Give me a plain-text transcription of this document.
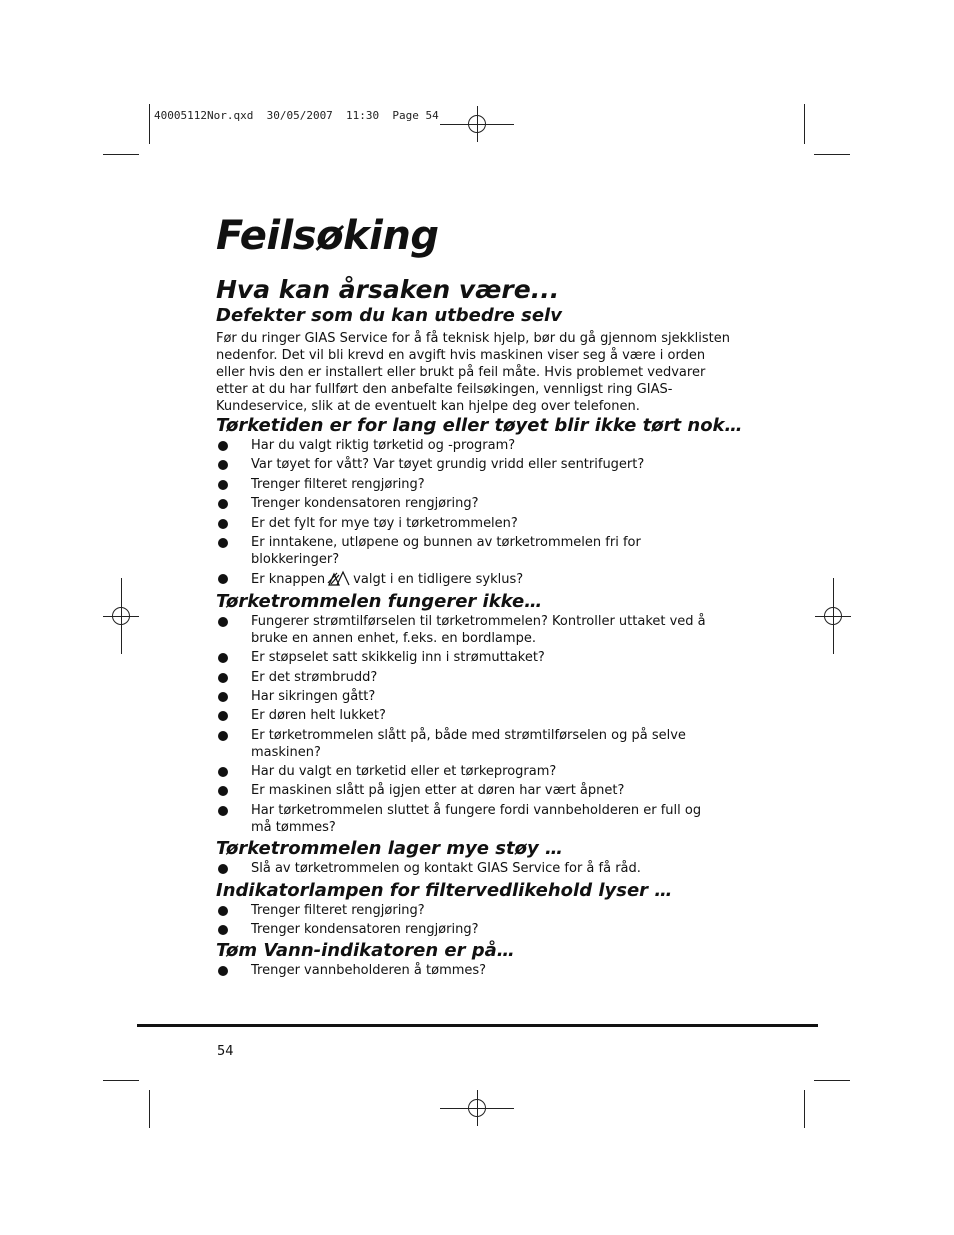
40005112Nor.qxd  30/05/2007  11:30  Page 54
Feilsøking
Hva kan årsaken være...
Defekter som du kan utbedre selv

Før du ringer GIAS Service for å få teknisk hjelp, bør du gå gjennom sjekklisten
nedenfor. Det vil bli krevd en avgift hvis maskinen viser seg å være i orden
eller hvis den er installert eller brukt på feil måte. Hvis problemet vedvarer
etter at du har fullført den anbefalte feilsøkingen, vennligst ring GIAS-
Kundeservice, slik at de eventuelt kan hjelpe deg over telefonen.

Tørketiden er for lang eller tøyet blir ikke tørt nok…
Har du valgt riktig tørketid og -program?
Var tøyet for vått? Var tøyet grundig vridd eller sentrifugert?
Trenger filteret rengjøring?
Trenger kondensatoren rengjøring?
Er det fylt for mye tøy i tørketrommelen?
Er inntakene, utløpene og bunnen av tørketrommelen fri for
blokkeringer?
Er knappen valgt i en tidligere syklus?
Tørketrommelen fungerer ikke…
Fungerer strømtilførselen til tørketrommelen? Kontroller uttaket ved å
bruke en annen enhet, f.eks. en bordlampe.
Er støpselet satt skikkelig inn i strømuttaket?
Er det strømbrudd?
Har sikringen gått?
Er døren helt lukket?
Er tørketrommelen slått på, både med strømtilførselen og på selve
maskinen?
Har du valgt en tørketid eller et tørkeprogram?
Er maskinen slått på igjen etter at døren har vært åpnet?
Har tørketrommelen sluttet å fungere fordi vannbeholderen er full og
må tømmes?
Tørketrommelen lager mye støy …
Slå av tørketrommelen og kontakt GIAS Service for å få råd.
Indikatorlampen for filtervedlikehold lyser …
Trenger filteret rengjøring?
Trenger kondensatoren rengjøring?
Tøm Vann-indikatoren er på…
Trenger vannbeholderen å tømmes?
54
